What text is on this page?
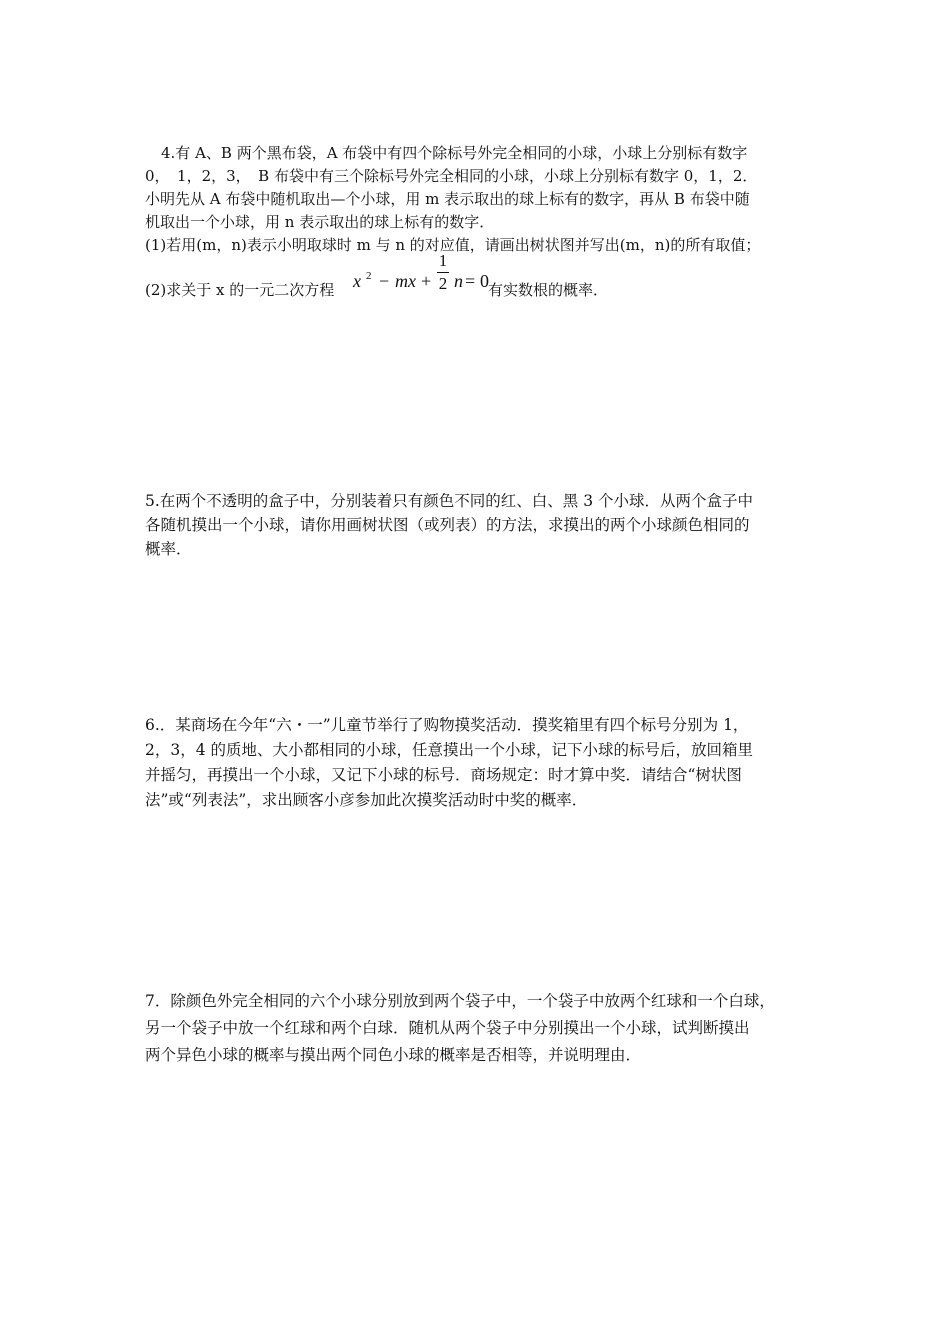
4.有 A、B 两个黑布袋，A 布袋中有四个除标号外完全相同的小球，小球上分别标有数字
0，　1，2，3，　B 布袋中有三个除标号外完全相同的小球，小球上分别标有数字 0，1，2．
小明先从 A 布袋中随机取出—个小球，用 m 表示取出的球上标有的数字，再从 B 布袋中随
机取出一个小球，用 n 表示取出的球上标有的数字．
(1)若用(m，n)表示小明取球时 m 与 n 的对应值，请画出树状图并写出(m，n)的所有取值；
(2)求关于 x 的一元二次方程 x 2 − mx +
1
2 n = 0 有实数根的概率．
5.在两个不透明的盒子中，分别装着只有颜色不同的红、白、黑 3 个小球．从两个盒子中
各随机摸出一个小球，请你用画树状图（或列表）的方法，求摸出的两个小球颜色相同的
概率．
6.．某商场在今年“六・一”儿童节举行了购物摸奖活动．摸奖箱里有四个标号分别为 1，
2，3，4 的质地、大小都相同的小球，任意摸出一个小球，记下小球的标号后，放回箱里
并摇匀，再摸出一个小球，又记下小球的标号．商场规定：时才算中奖．请结合“树状图
法”或“列表法”，求出顾客小彦参加此次摸奖活动时中奖的概率．
7．除颜色外完全相同的六个小球分别放到两个袋子中，一个袋子中放两个红球和一个白球，
另一个袋子中放一个红球和两个白球．随机从两个袋子中分别摸出一个小球，试判断摸出
两个异色小球的概率与摸出两个同色小球的概率是否相等，并说明理由．
